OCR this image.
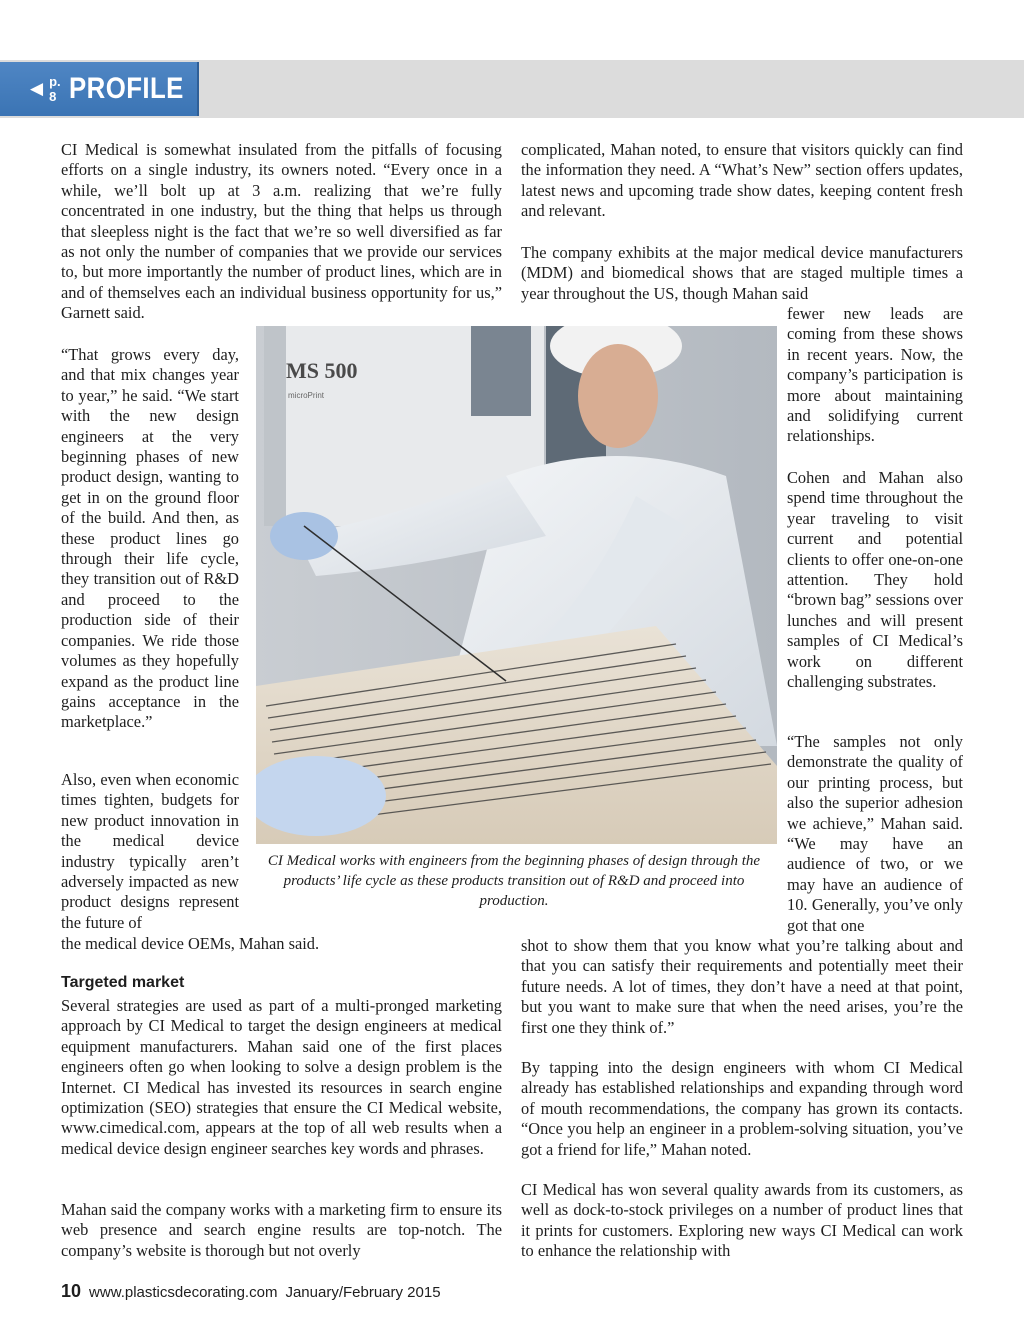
◀ p. 8 PROFILE

CI Medical is somewhat insulated from the pitfalls of focusing efforts on a single industry, its owners noted. “Every once in a while, we’ll bolt up at 3 a.m. realizing that we’re fully concentrated in one industry, but the thing that helps us through that sleepless night is the fact that we’re so well diversified as far as not only the number of companies that we provide our services to, but more importantly the number of product lines, which are in and of themselves each an individual business opportunity for us,” Garnett said.

“That grows every day, and that mix changes year to year,” he said. “We start with the new design engineers at the very beginning phases of new product design, wanting to get in on the ground floor of the build. And then, as these product lines go through their life cycle, they transition out of R&D and proceed to the production side of their companies. We ride those volumes as they hopefully expand as the product line gains acceptance in the marketplace.”

Also, even when economic times tighten, budgets for new product innovation in the medical device industry typically aren’t adversely impacted as new product designs represent the future of

the medical device OEMs, Mahan said.

Targeted market

Several strategies are used as part of a multi-pronged marketing approach by CI Medical to target the design engineers at medical equipment manufacturers. Mahan said one of the first places engineers often go when looking to solve a design problem is the Internet. CI Medical has invested its resources in search engine optimization (SEO) strategies that ensure the CI Medical website, www.cimedical.com, appears at the top of all web results when a medical device design engineer searches key words and phrases.

Mahan said the company works with a marketing firm to ensure its web presence and search engine results are top-notch. The company’s website is thorough but not overly

complicated, Mahan noted, to ensure that visitors quickly can find the information they need. A “What’s New” section offers updates, latest news and upcoming trade show dates, keeping content fresh and relevant.

The company exhibits at the major medical device manufacturers (MDM) and biomedical shows that are staged multiple times a year throughout the US, though Mahan said

fewer new leads are coming from these shows in recent years. Now, the company’s participation is more about maintaining and solidifying current relationships.

Cohen and Mahan also spend time throughout the year traveling to visit current and potential clients to offer one-on-one attention. They hold “brown bag” sessions over lunches and will present samples of CI Medical’s work on different challenging substrates.

“The samples not only demonstrate the quality of our printing process, but also the superior adhesion we achieve,” Mahan said. “We may have an audience of two, or we may have an audience of 10. Generally, you’ve only got that one

shot to show them that you know what you’re talking about and that you can satisfy their requirements and potentially meet their future needs. A lot of times, they don’t have a need at that point, but you want to make sure that when the need arises, you’re the first one they think of.”

By tapping into the design engineers with whom CI Medical already has established relationships and expanding through word of mouth recommendations, the company has grown its contacts. “Once you help an engineer in a problem-solving situation, you’ve got a friend for life,” Mahan noted.

CI Medical has won several quality awards from its customers, as well as dock-to-stock privileges on a number of product lines that it prints for customers. Exploring new ways CI Medical can work to enhance the relationship with

MS 500
microPrint

CI Medical works with engineers from the beginning phases of design through the products’ life cycle as these products transition out of R&D and proceed into production.

10 www.plasticsdecorating.com January/February 2015
